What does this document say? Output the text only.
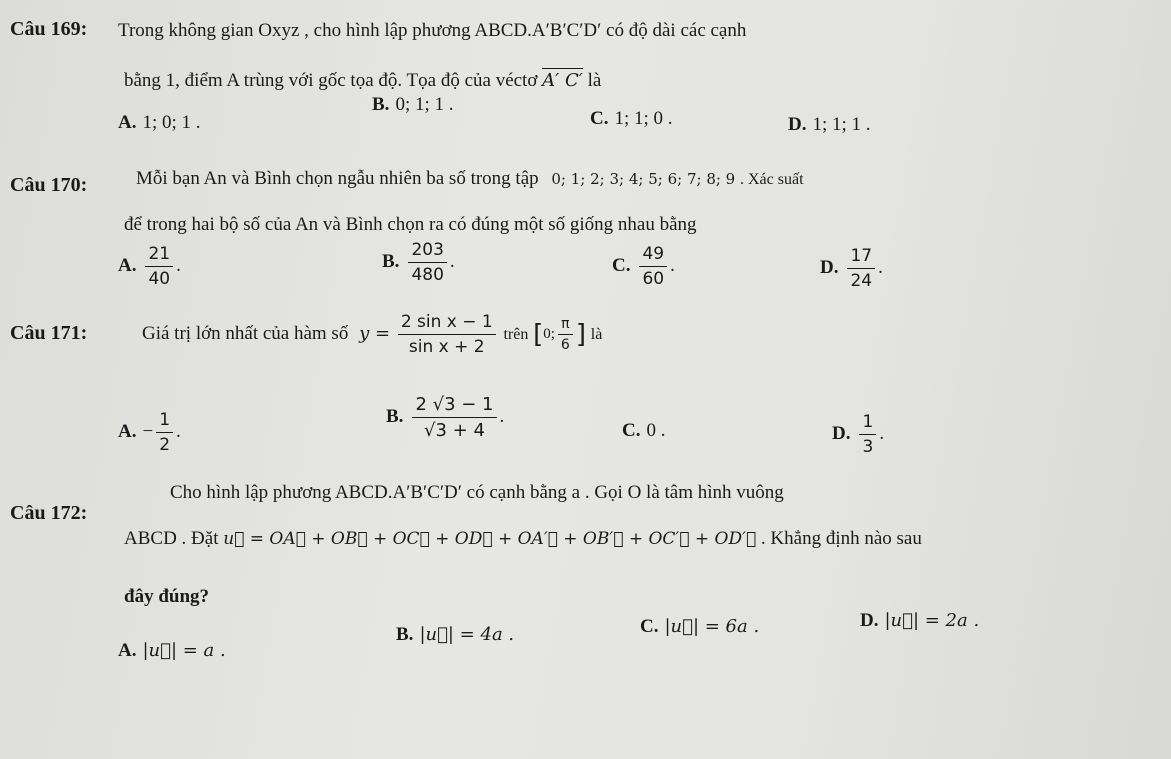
Câu 169: Trong không gian Oxyz , cho hình lập phương ABCD.A′B′C′D′ có độ dài các cạnh
bằng 1, điểm A trùng với gốc tọa độ. Tọa độ của véctơ A′ C′ là
A. 1; 0; 1 .
B. 0; 1; 1 .
C. 1; 1; 0 .	D. 1; 1; 1 .
Câu 170:	Mỗi bạn An và Bình chọn ngẫu nhiên ba số trong tập 0; 1; 2; 3; 4; 5; 6; 7; 8; 9 . Xác suất
để trong hai bộ số của An và Bình chọn ra có đúng một số giống nhau bằng
A. $\frac{21}{40}$ .	B. $\frac{203}{480}$ .	C. $\frac{49}{60}$ .	D. $\frac{17}{24}$ .
Câu 171:	Giá trị lớn nhất của hàm số $y = \frac{\text{2 sin x − 1}}{\text{sin x + 2}}$ trên [0; $\frac{\pi}{6}$ ] là
A. − $\frac{1}{2}$ .
B. $\frac{2 √3 - 1}{√3 + 4}$ .
C. 0 .	D. $\frac{1}{3}$ .
Câu 172:
Cho hình lập phương ABCD.A′B′C′D′ có cạnh bằng a . Gọi O là tâm hình vuông
ABCD . Đặt u⃗ = OA⃗ + OB⃗ + OC⃗ + OD⃗ + OA′⃗ + OB′⃗ + OC′⃗ + OD′⃗ . Khẳng định nào sau
đây đúng?
A. |u⃗| = a .
B. |u⃗| = 4a .	C. |u⃗| = 6a .	D. |u⃗| = 2a .
